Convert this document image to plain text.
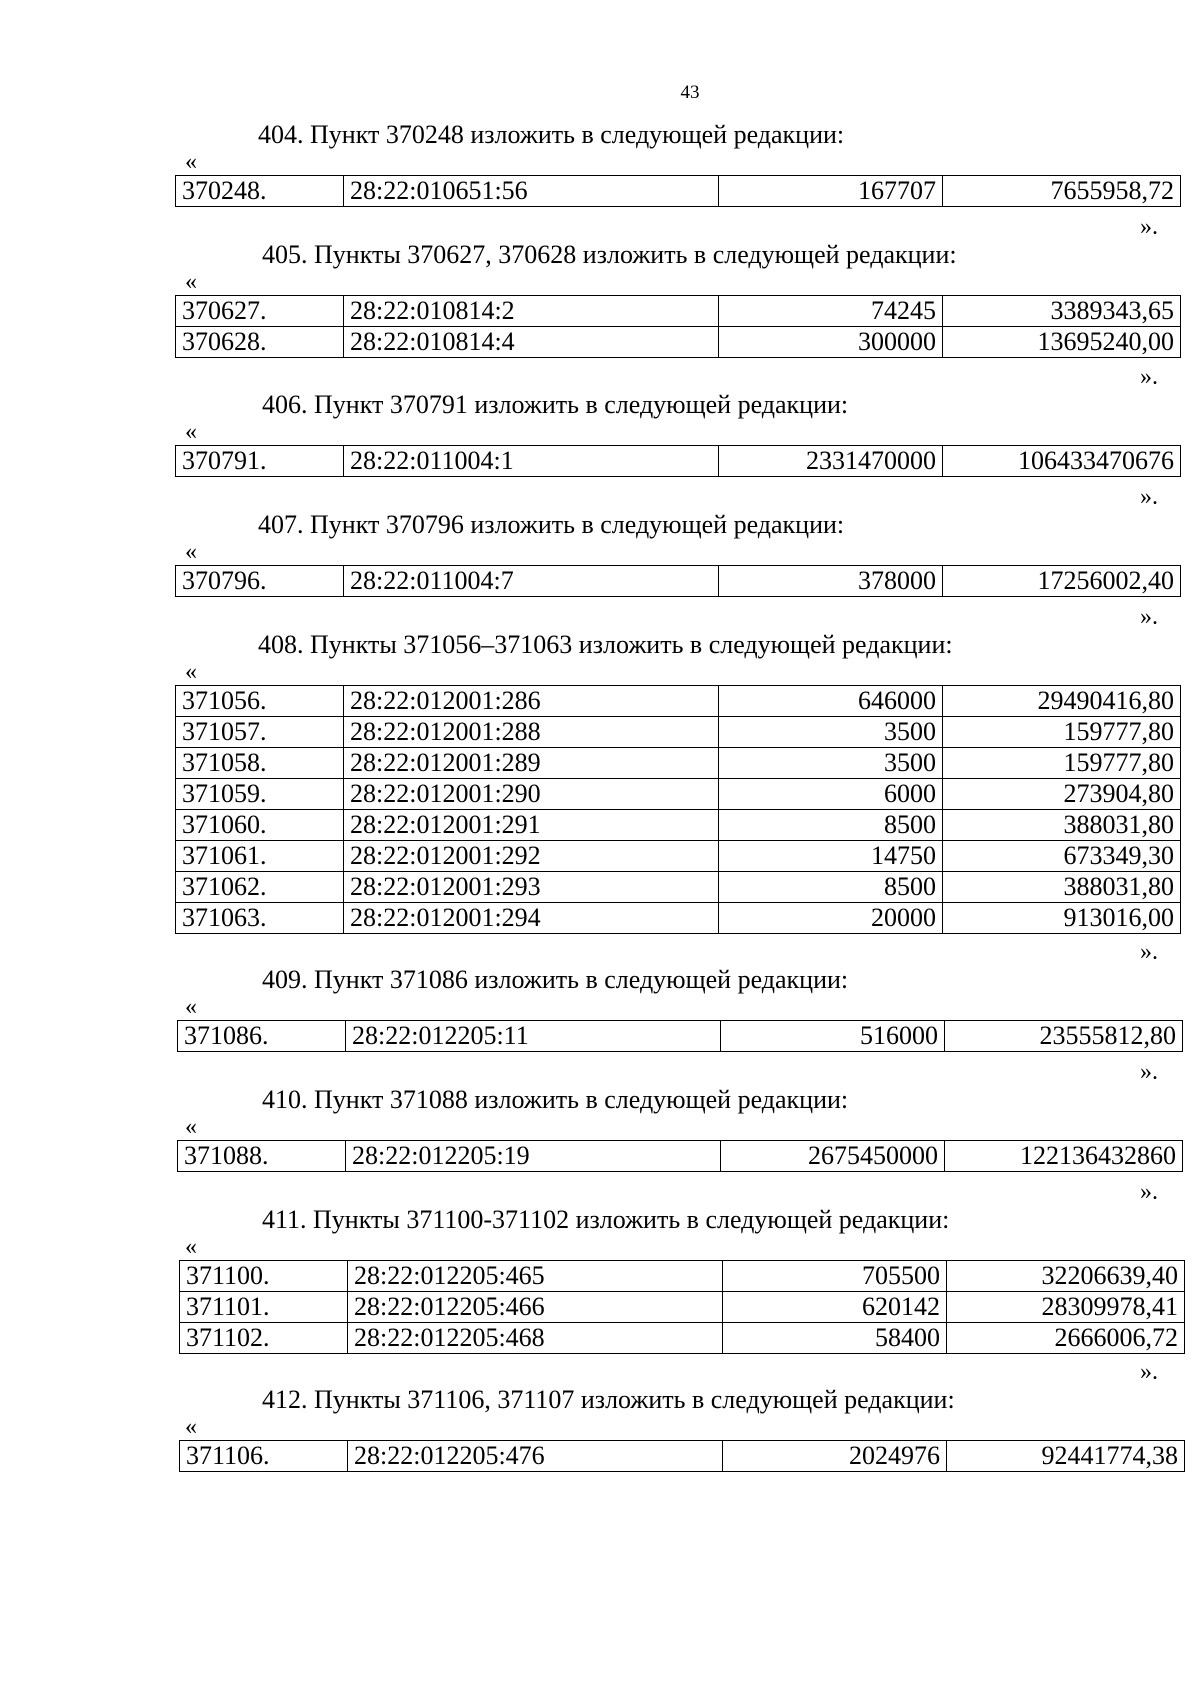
43
404. Пункт 370248 изложить в следующей редакции:
«
370248.	28:22:010651:56	167707	7655958,72
».
405. Пункты 370627, 370628 изложить в следующей редакции:
«
370627.	28:22:010814:2	74245	3389343,65
370628.	28:22:010814:4	300000	13695240,00
».
406. Пункт 370791 изложить в следующей редакции:
«
370791.	28:22:011004:1	2331470000	106433470676
».
407. Пункт 370796 изложить в следующей редакции:
«
370796.	28:22:011004:7	378000	17256002,40
».
408. Пункты 371056–371063 изложить в следующей редакции:
«
371056.	28:22:012001:286	646000	29490416,80
371057.	28:22:012001:288	3500	159777,80
371058.	28:22:012001:289	3500	159777,80
371059.	28:22:012001:290	6000	273904,80
371060.	28:22:012001:291	8500	388031,80
371061.	28:22:012001:292	14750	673349,30
371062.	28:22:012001:293	8500	388031,80
371063.	28:22:012001:294	20000	913016,00
».
409. Пункт 371086 изложить в следующей редакции:
«
371086.	28:22:012205:11	516000	23555812,80
».
410. Пункт 371088 изложить в следующей редакции:
«
371088.	28:22:012205:19	2675450000	122136432860
».
411. Пункты 371100-371102 изложить в следующей редакции:
«
371100.	28:22:012205:465	705500	32206639,40
371101.	28:22:012205:466	620142	28309978,41
371102.	28:22:012205:468	58400	2666006,72
».
412. Пункты 371106, 371107 изложить в следующей редакции:
«
371106.	28:22:012205:476	2024976	92441774,38
